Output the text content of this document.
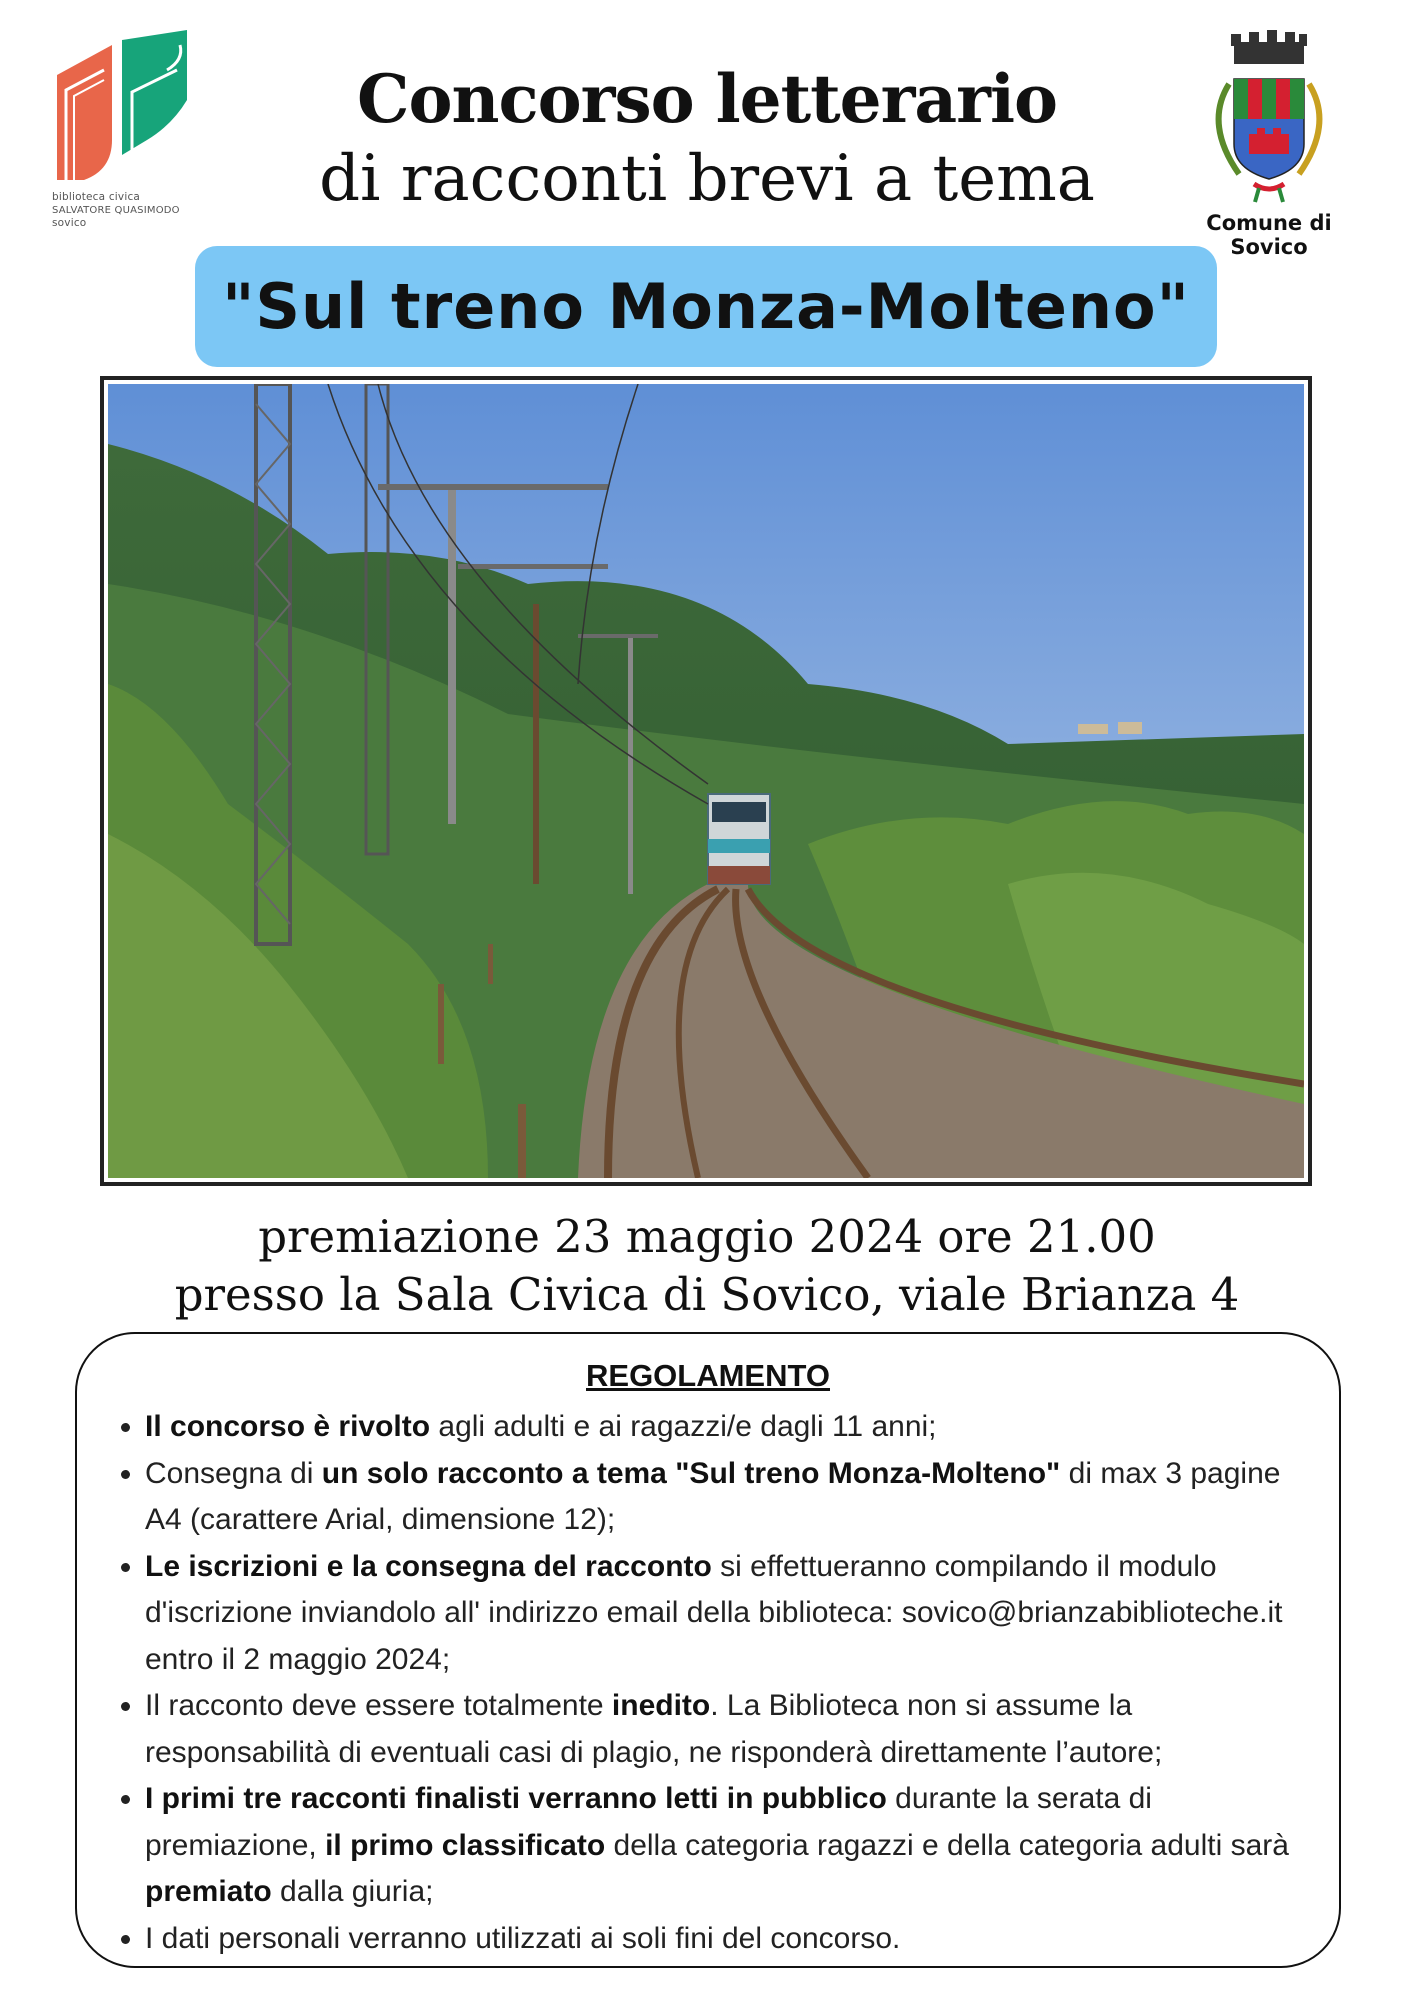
biblioteca civica
SALVATORE QUASIMODO
sovico	Comune di Sovico
Concorso letterario
di racconti brevi a tema
"Sul treno Monza-Molteno"
premiazione 23 maggio 2024 ore 21.00
presso la Sala Civica di Sovico, viale Brianza 4
REGOLAMENTO
• Il concorso è rivolto agli adulti e ai ragazzi/e dagli 11 anni;
• Consegna di un solo racconto a tema "Sul treno Monza-Molteno" di max 3 pagine A4 (carattere Arial, dimensione 12);
• Le iscrizioni e la consegna del racconto si effettueranno compilando il modulo d'iscrizione inviandolo all' indirizzo email della biblioteca: sovico@brianzabiblioteche.it entro il 2 maggio 2024;
• Il racconto deve essere totalmente inedito. La Biblioteca non si assume la responsabilità di eventuali casi di plagio, ne risponderà direttamente l’autore;
• I primi tre racconti finalisti verranno letti in pubblico durante la serata di premiazione, il primo classificato della categoria ragazzi e della categoria adulti sarà premiato dalla giuria;
• I dati personali verranno utilizzati ai soli fini del concorso.
